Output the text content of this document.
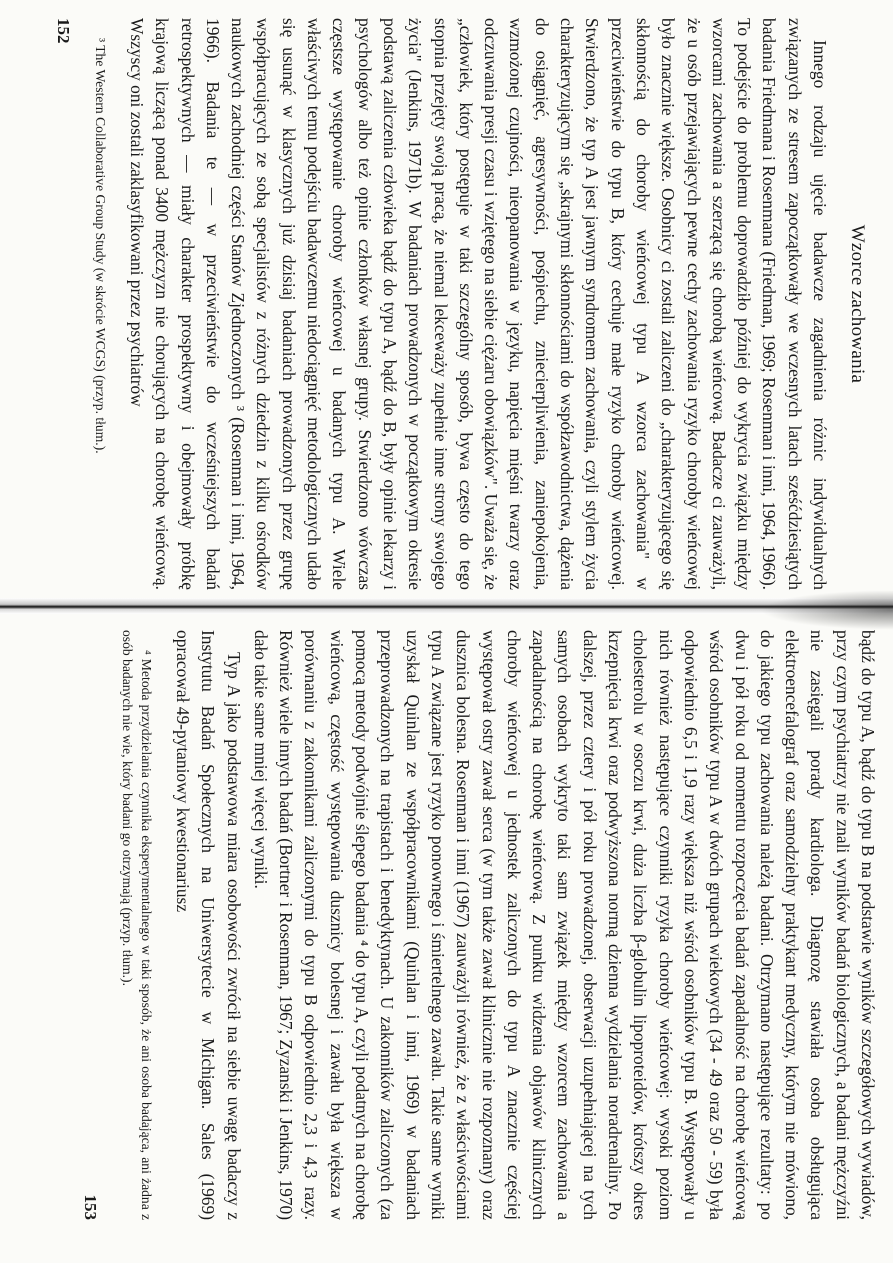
Wzorce zachowania

Innego rodzaju ujęcie badawcze zagadnienia różnic indywidualnych związanych ze stresem zapoczątkowały we wczesnych latach sześćdziesiątych badania Friedmana i Rosenmana (Friedman, 1969; Rosenman i inni, 1964, 1966). To podejście do problemu doprowadziło później do wykrycia związku między wzorcami zachowania a szerzącą się chorobą wieńcową. Badacze ci zauważyli, że u osób przejawiających pewne cechy zachowania ryzyko choroby wieńcowej było znacznie większe. Osobnicy ci zostali zaliczeni do „charakteryzującego się skłonnością do choroby wieńcowej typu A wzorca zachowania" w przeciwieństwie do typu B, który cechuje małe ryzyko choroby wieńcowej. Stwierdzono, że typ A jest jawnym syndromem zachowania, czyli stylem życia charakteryzującym się „skrajnymi skłonnościami do współzawodnictwa, dążenia do osiągnięć, agresywności, pośpiechu, zniecierpliwienia, zaniepokojenia, wzmożonej czujności, nieopanowania w języku, napięcia mięśni twarzy oraz odczuwania presji czasu i wziętego na siebie ciężaru obowiązków". Uważa się, że „człowiek, który postępuje w taki szczególny sposób, bywa często do tego stopnia przejęty swoją pracą, że niemal lekceważy zupełnie inne strony swojego życia" (Jenkins, 1971b). W badaniach prowadzonych w początkowym okresie podstawą zaliczenia człowieka bądź do typu A, bądź do B, były opinie lekarzy i psychologów albo też opinie członków własnej grupy. Stwierdzono wówczas częstsze występowanie choroby wieńcowej u badanych typu A. Wiele właściwych temu podejściu badawczemu niedociągnięć metodologicznych udało się usunąć w klasycznych już dzisiaj badaniach prowadzonych przez grupę współpracujących ze sobą specjalistów z różnych dziedzin z kilku ośrodków naukowych zachodniej części Stanów Zjednoczonych ³ (Rosenman i inni, 1964, 1966). Badania te — w przeciwieństwie do wcześniejszych badań retrospektywnych — miały charakter prospektywny i obejmowały próbkę krajową liczącą ponad 3400 mężczyzn nie chorujących na chorobę wieńcową. Wszyscy oni zostali zaklasyfikowani przez psychiatrów

³ The Western Collaborative Group Study (w skrócie WCGS) (przyp. tłum.).

152

bądź do typu A, bądź do typu B na podstawie wyników szczegółowych wywiadów, przy czym psychiatrzy nie znali wyników badań biologicznych, a badani mężczyźni nie zasięgali porady kardiologa. Diagnozę stawiała osoba obsługująca elektroencefalograf oraz samodzielny praktykant medyczny, którym nie mówiono, do jakiego typu zachowania należą badani. Otrzymano następujące rezultaty: po dwu i pół roku od momentu rozpoczęcia badań zapadalność na chorobę wieńcową wśród osobników typu A w dwóch grupach wiekowych (34 - 49 oraz 50 - 59) była odpowiednio 6,5 i 1,9 razy większa niż wśród osobników typu B. Występowały u nich również następujące czynniki ryzyka choroby wieńcowej: wysoki poziom cholesterolu w osoczu krwi, duża liczba β-globulin lipoproteidów, krótszy okres krzepnięcia krwi oraz podwyższona normą dzienna wydzielania noradrenaliny. Po dalszej, przez cztery i pół roku prowadzonej, obserwacji uzupełniającej na tych samych osobach wykryto taki sam związek między wzorcem zachowania a zapadalnością na chorobę wieńcową. Z punktu widzenia objawów klinicznych choroby wieńcowej u jednostek zaliczonych do typu A znacznie częściej występował ostry zawał serca (w tym także zawał klinicznie nie rozpoznany) oraz dusznica bolesna. Rosenman i inni (1967) zauważyli również, że z właściwościami typu A związane jest ryzyko ponownego i śmiertelnego zawału. Takie same wyniki uzyskał Quinlan ze współpracownikami (Quinlan i inni, 1969) w badaniach przeprowadzonych na trapistach i benedyktynach. U zakonników zaliczonych (za pomocą metody podwójnie ślepego badania ⁴ do typu A, czyli podatnych na chorobę wieńcową, częstość występowania dusznicy bolesnej i zawału była większa w porównaniu z zakonnikami zaliczonymi do typu B odpowiednio 2,3 i 4,3 razy. Również wiele innych badań (Bortner i Rosenman, 1967; Zyzanski i Jenkins, 1970) dało takie same mniej więcej wyniki.

Typ A jako podstawowa miara osobowości zwrócił na siebie uwagę badaczy z Instytutu Badań Społecznych na Uniwersytecie w Michigan. Sales (1969) opracował 49-pytaniowy kwestionariusz

⁴ Metoda przydzielania czynnika eksperymentalnego w taki sposób, że ani osoba badająca, ani żadna z osób badanych nie wie, który badani go otrzymają (przyp. tłum.).

153
